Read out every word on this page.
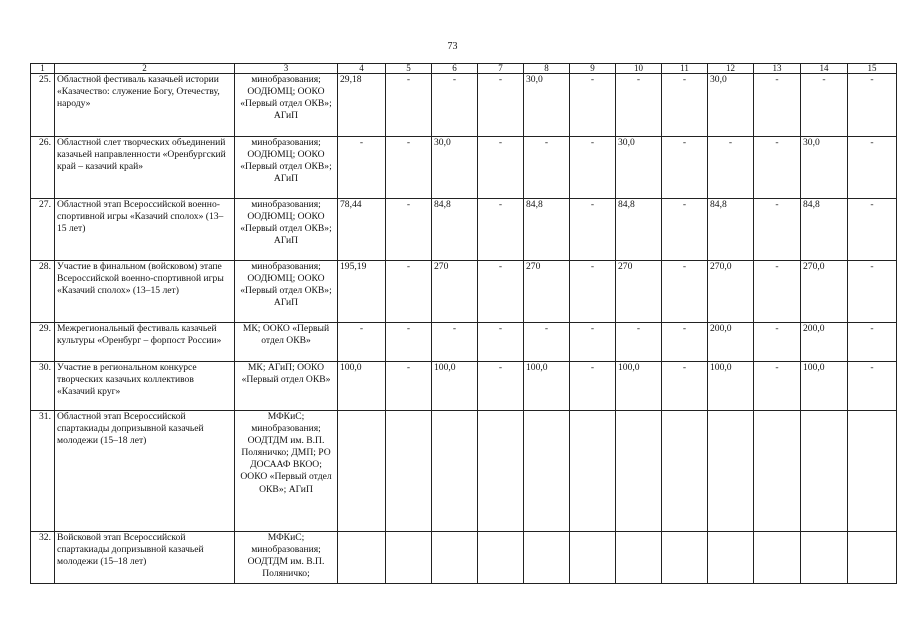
73
1	2	3	4	5	6	7	8	9	10	11	12	13	14	15
25.	Областной фестиваль казачьей истории «Казачество: служение Богу, Отечеству, народу»	минобразования; ООДЮМЦ; ООКО «Первый отдел ОКВ»; АГиП	29,18	-	-	-	30,0	-	-	-	30,0	-	-	-
26.	Областной слет творческих объединений казачьей направленности «Оренбургский край – казачий край»	минобразования; ООДЮМЦ; ООКО «Первый отдел ОКВ»; АГиП	-	-	30,0	-	-	-	30,0	-	-	-	30,0	-
27.	Областной этап Всероссийской военно-спортивной игры «Казачий сполох» (13–15 лет)	минобразования; ООДЮМЦ; ООКО «Первый отдел ОКВ»; АГиП	78,44	-	84,8	-	84,8	-	84,8	-	84,8	-	84,8	-
28.	Участие в финальном (войсковом) этапе Всероссийской военно-спортивной игры «Казачий сполох» (13–15 лет)	минобразования; ООДЮМЦ; ООКО «Первый отдел ОКВ»; АГиП	195,19	-	270	-	270	-	270	-	270,0	-	270,0	-
29.	Межрегиональный фестиваль казачьей культуры «Оренбург – форпост России»	МК; ООКО «Первый отдел ОКВ»	-	-	-	-	-	-	-	-	200,0	-	200,0	-
30.	Участие в региональном конкурсе творческих казачьих коллективов «Казачий круг»	МК; АГиП; ООКО «Первый отдел ОКВ»	100,0	-	100,0	-	100,0	-	100,0	-	100,0	-	100,0	-
31.	Областной этап Всероссийской спартакиады допризывной казачьей молодежи (15–18 лет)	МФКиС; минобразования; ООДТДМ им. В.П. Поляничко; ДМП; РО ДОСААФ ВКОО; ООКО «Первый отдел ОКВ»; АГиП												
32.	Войсковой этап Всероссийской спартакиады допризывной казачьей молодежи (15–18 лет)	МФКиС; минобразования; ООДТДМ им. В.П. Поляничко;												
